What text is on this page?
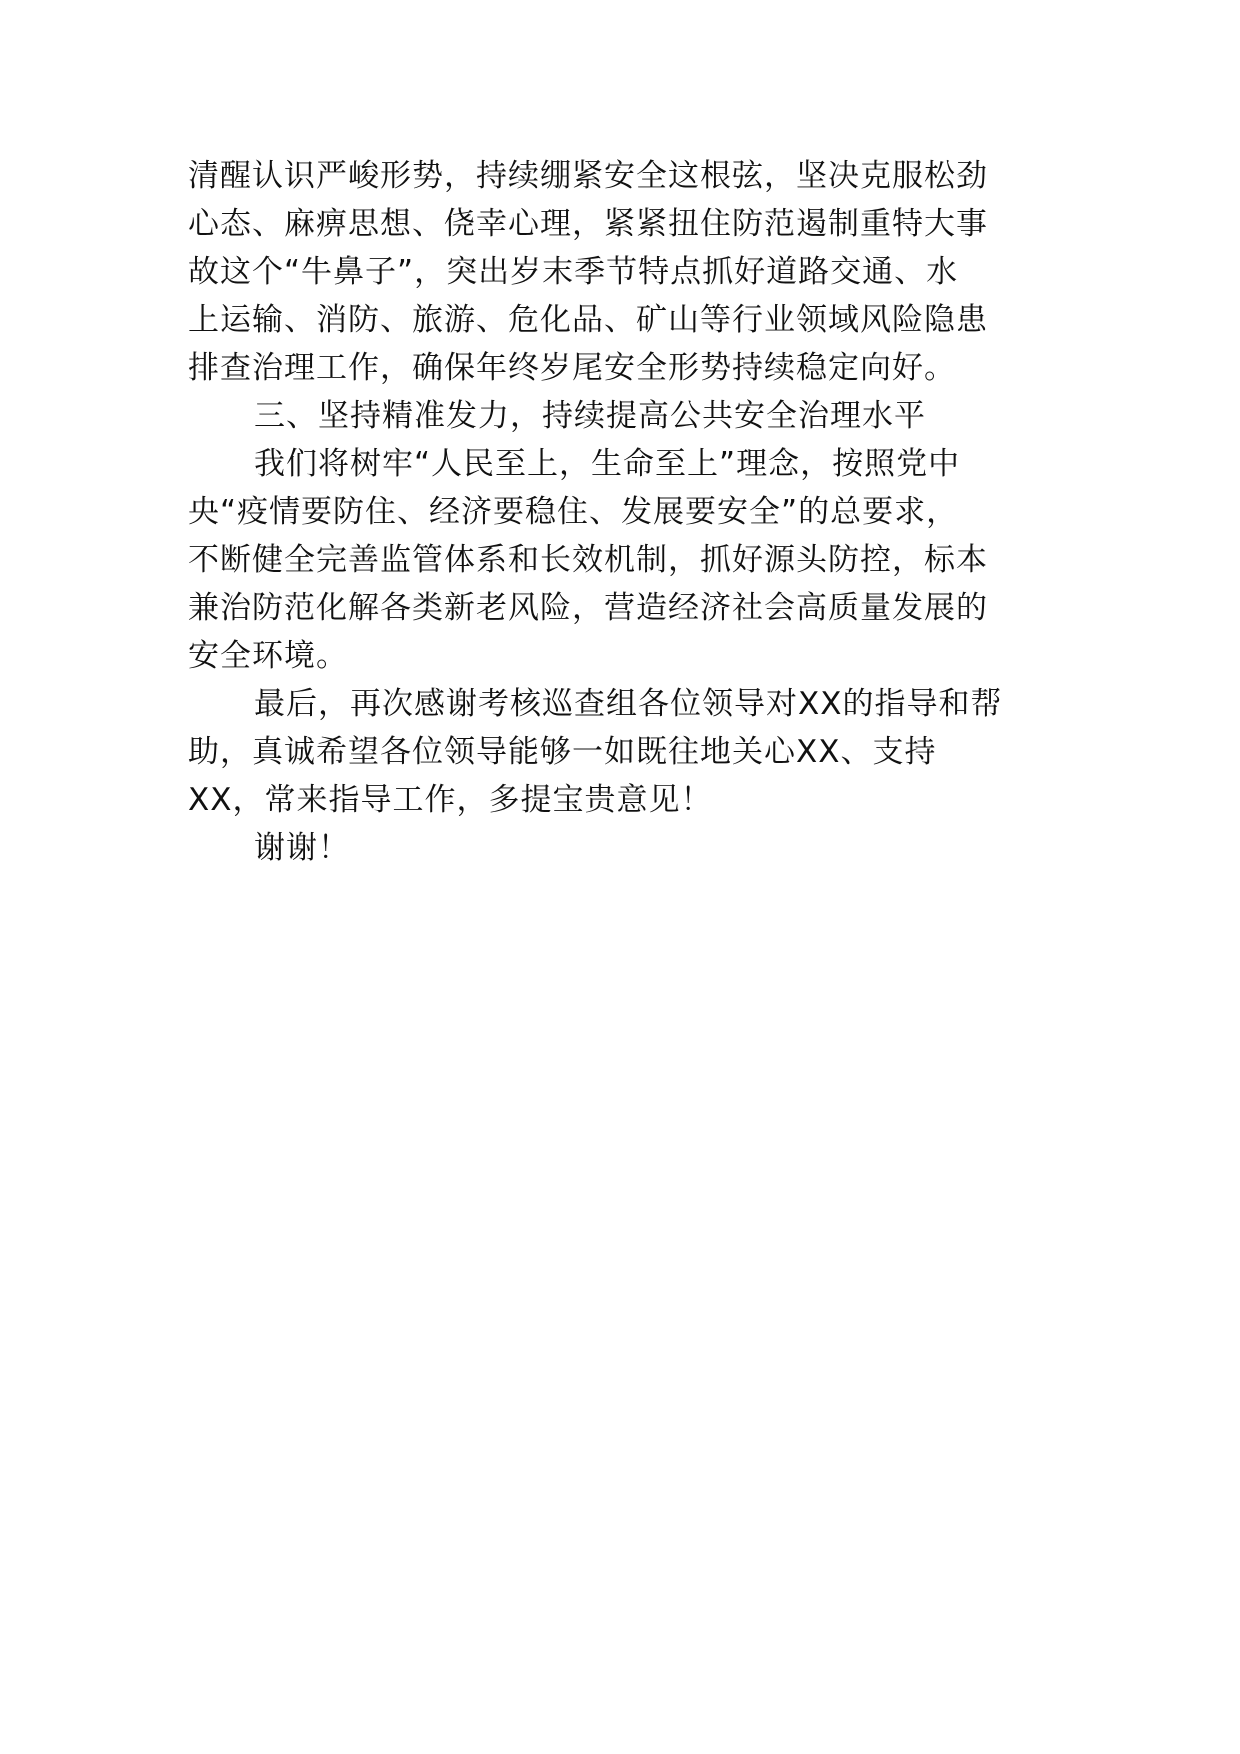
清醒认识严峻形势，持续绷紧安全这根弦，坚决克服松劲
心态、麻痹思想、侥幸心理，紧紧扭住防范遏制重特大事
故这个“牛鼻子”，突出岁末季节特点抓好道路交通、水
上运输、消防、旅游、危化品、矿山等行业领域风险隐患
排查治理工作，确保年终岁尾安全形势持续稳定向好。
三、坚持精准发力，持续提高公共安全治理水平
我们将树牢“人民至上，生命至上”理念，按照党中
央“疫情要防住、经济要稳住、发展要安全”的总要求，
不断健全完善监管体系和长效机制，抓好源头防控，标本
兼治防范化解各类新老风险，营造经济社会高质量发展的
安全环境。
最后，再次感谢考核巡查组各位领导对XX的指导和帮
助，真诚希望各位领导能够一如既往地关心XX、支持
XX，常来指导工作，多提宝贵意见！
谢谢！
